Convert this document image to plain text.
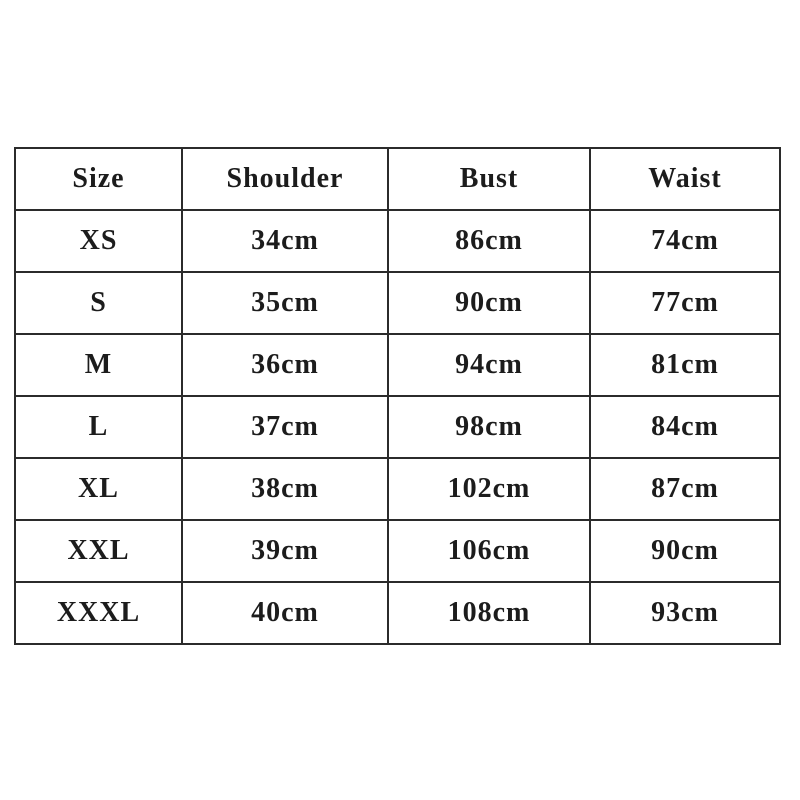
Size	Shoulder	Bust	Waist
XS	34cm	86cm	74cm
S	35cm	90cm	77cm
M	36cm	94cm	81cm
L	37cm	98cm	84cm
XL	38cm	102cm	87cm
XXL	39cm	106cm	90cm
XXXL	40cm	108cm	93cm
